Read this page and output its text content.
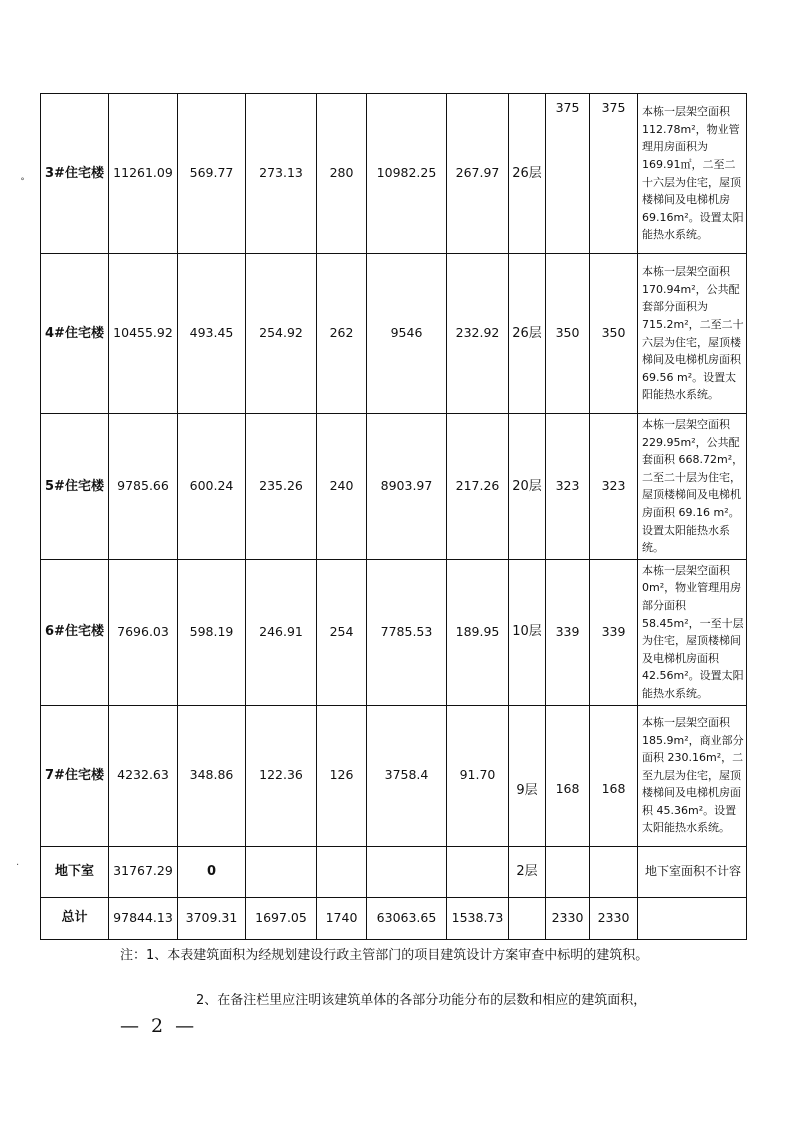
3#住宅楼	11261.09	569.77	273.13	280	10982.25	267.97	26层	375	375	本栋一层架空面积112.78m²，物业管理用房面积为 169.91㎡，二至二十六层为住宅，屋顶楼梯间及电梯机房 69.16m²。设置太阳能热水系统。
4#住宅楼	10455.92	493.45	254.92	262	9546	232.92	26层	350	350	本栋一层架空面积170.94m²，公共配套部分面积为715.2m²，二至二十六层为住宅，屋顶楼梯间及电梯机房面积 69.56 m²。设置太阳能热水系统。
5#住宅楼	9785.66	600.24	235.26	240	8903.97	217.26	20层	323	323	本栋一层架空面积229.95m²，公共配套面积 668.72m²，二至二十层为住宅，屋顶楼梯间及电梯机房面积 69.16 m²。设置太阳能热水系统。
6#住宅楼	7696.03	598.19	246.91	254	7785.53	189.95	10层	339	339	本栋一层架空面积0m²，物业管理用房部分面积 58.45m²，一至十层为住宅，屋顶楼梯间及电梯机房面积 42.56m²。设置太阳能热水系统。
7#住宅楼	4232.63	348.86	122.36	126	3758.4	91.70	9层	168	168	本栋一层架空面积185.9m²，商业部分面积 230.16m²，二至九层为住宅，屋顶楼梯间及电梯机房面积 45.36m²。设置太阳能热水系统。
地下室	31767.29	0					2层			地下室面积不计容
总计	97844.13	3709.31	1697.05	1740	63063.65	1538.73		2330	2330	
注：1、本表建筑面积为经规划建设行政主管部门的项目建筑设计方案审查中标明的建筑积。
2、在备注栏里应注明该建筑单体的各部分功能分布的层数和相应的建筑面积，
— 2 —
˚
·
